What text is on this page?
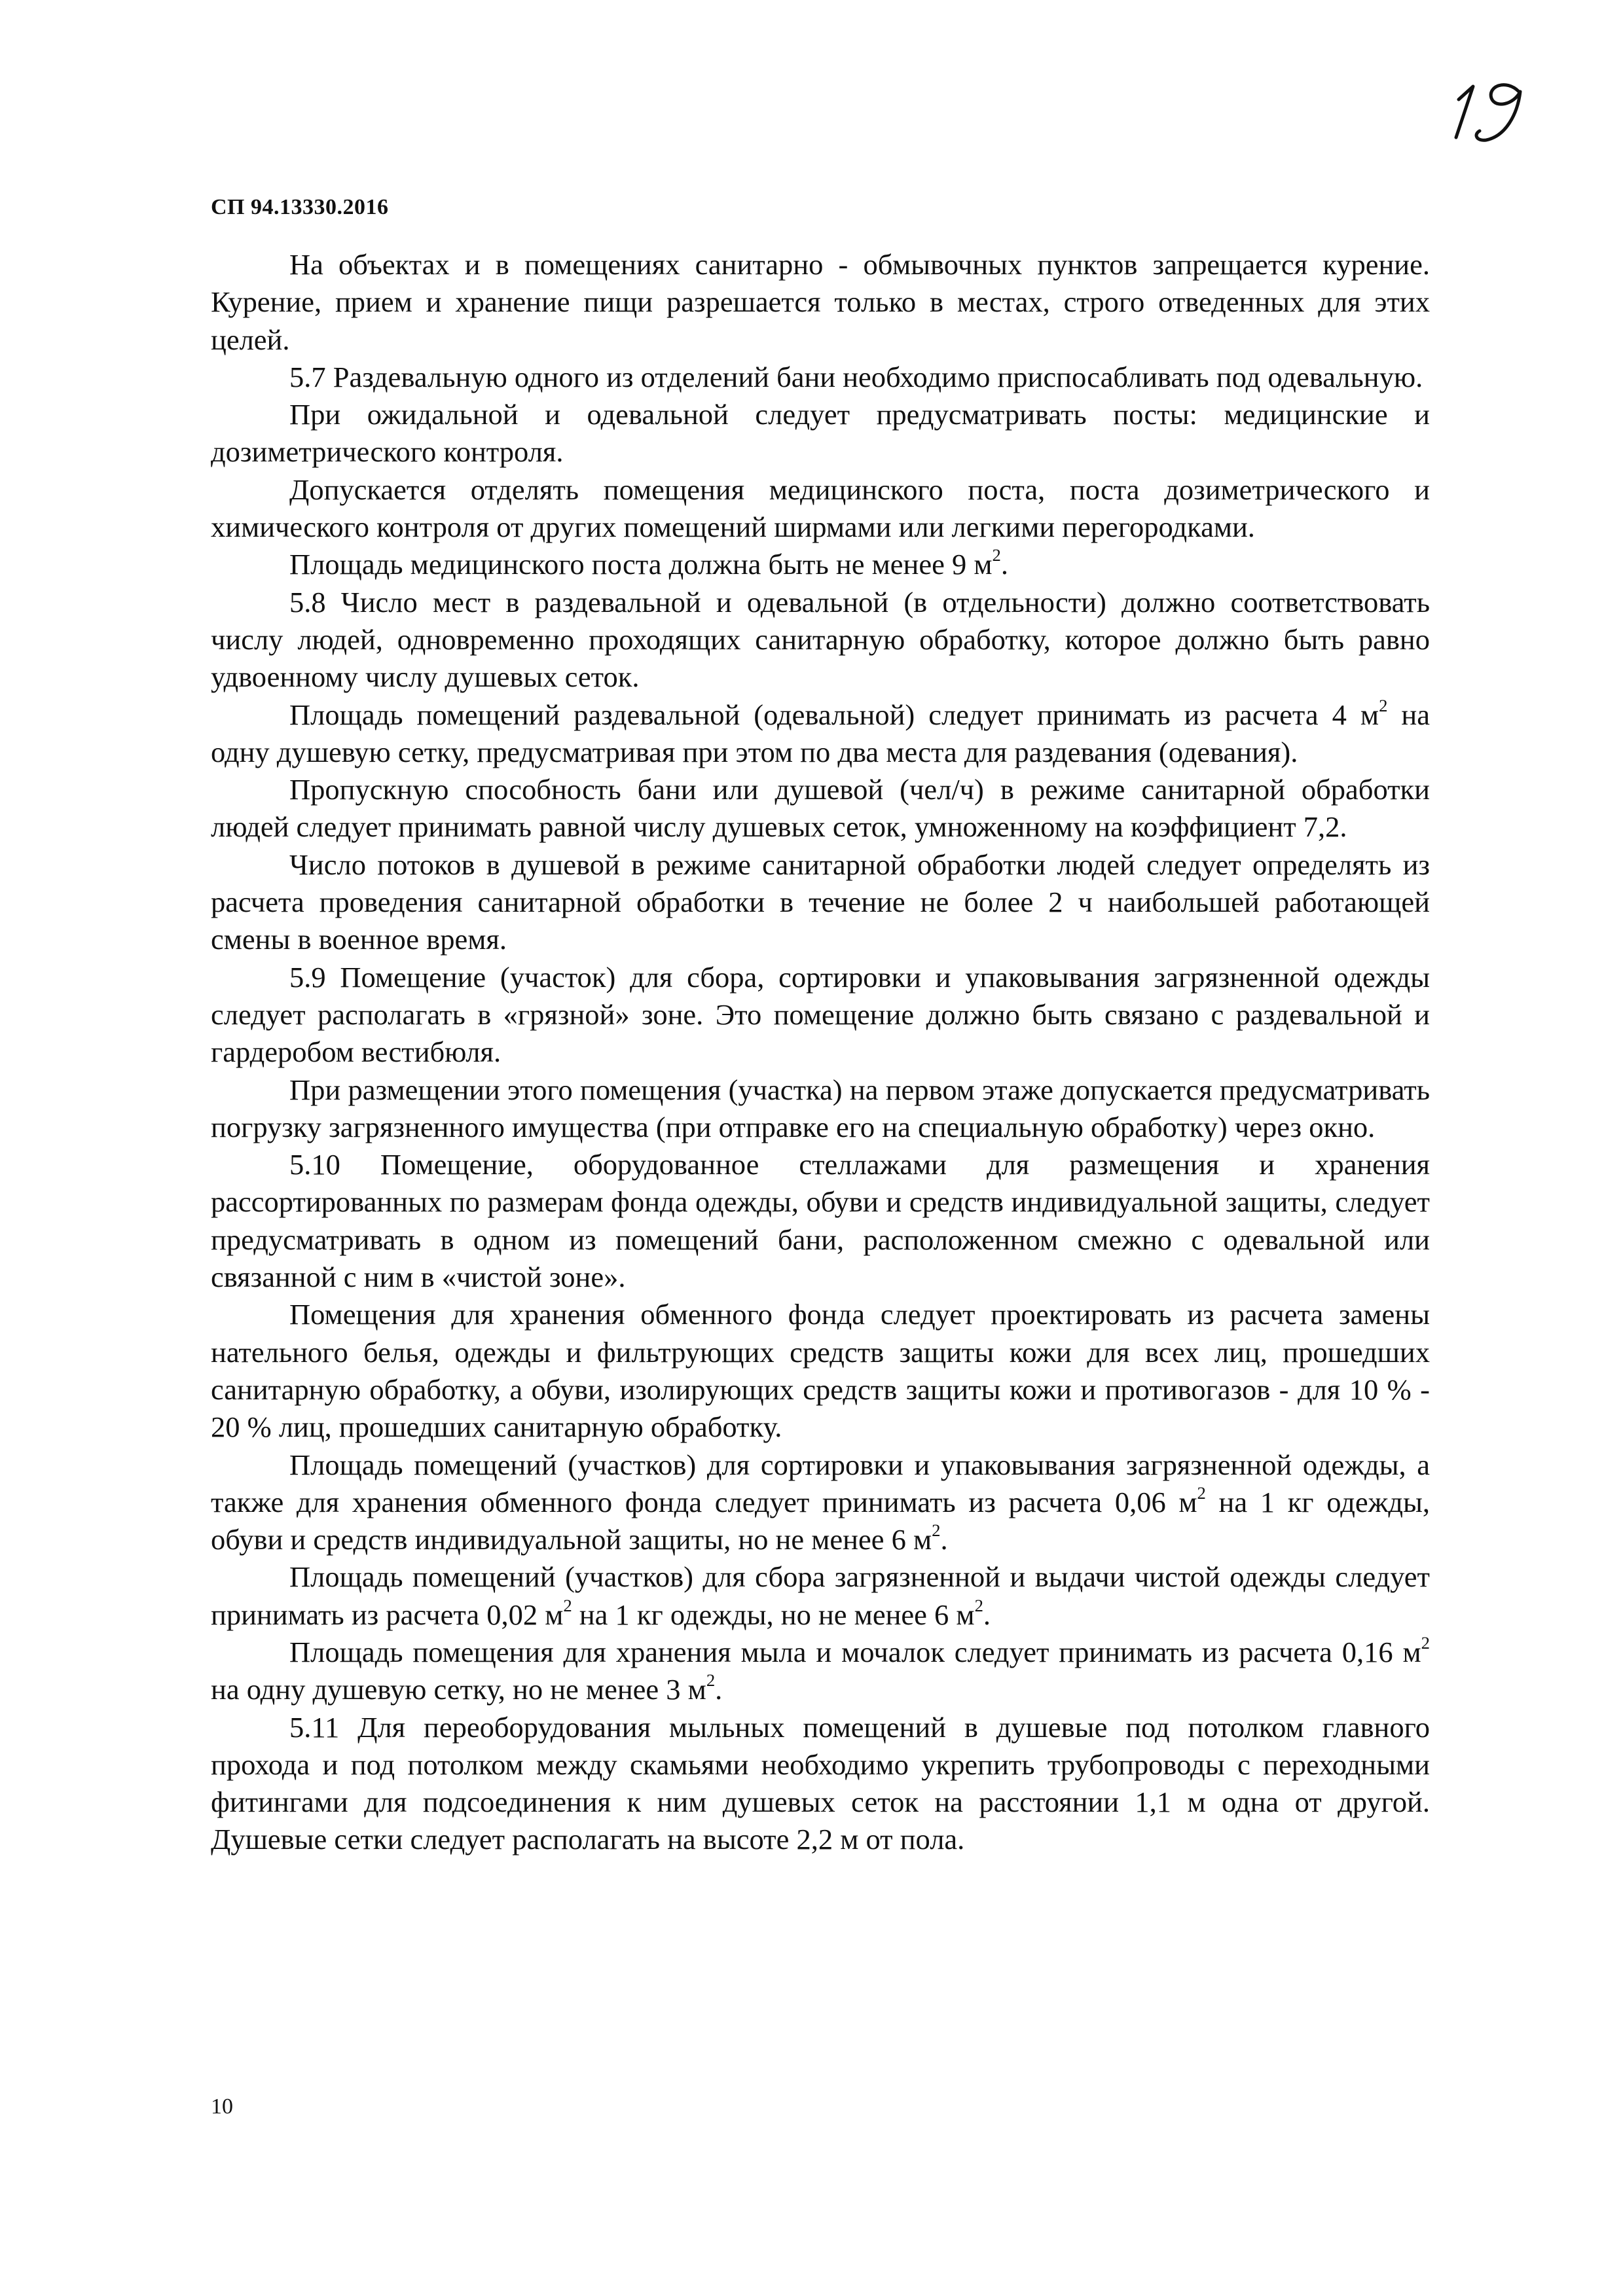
СП 94.13330.2016

На объектах и в помещениях санитарно - обмывочных пунктов запрещается курение. Курение, прием и хранение пищи разрешается только в местах, строго отведенных для этих целей.

5.7 Раздевальную одного из отделений бани необходимо приспосабливать под одевальную.

При ожидальной и одевальной следует предусматривать посты: медицинские и дозиметрического контроля.

Допускается отделять помещения медицинского поста, поста дозиметрического и химического контроля от других помещений ширмами или легкими перегородками.

Площадь медицинского поста должна быть не менее 9 $м^2$.

5.8 Число мест в раздевальной и одевальной (в отдельности) должно соответствовать числу людей, одновременно проходящих санитарную обработку, которое должно быть равно удвоенному числу душевых сеток.

Площадь помещений раздевальной (одевальной) следует принимать из расчета 4 $м^2$ на одну душевую сетку, предусматривая при этом по два места для раздевания (одевания).

Пропускную способность бани или душевой (чел/ч) в режиме санитарной обработки людей следует принимать равной числу душевых сеток, умноженному на коэффициент 7,2.

Число потоков в душевой в режиме санитарной обработки людей следует определять из расчета проведения санитарной обработки в течение не более 2 ч наибольшей работающей смены в военное время.

5.9 Помещение (участок) для сбора, сортировки и упаковывания загрязненной одежды следует располагать в «грязной» зоне. Это помещение должно быть связано с раздевальной и гардеробом вестибюля.

При размещении этого помещения (участка) на первом этаже допускается предусматривать погрузку загрязненного имущества (при отправке его на специальную обработку) через окно.

5.10 Помещение, оборудованное стеллажами для размещения и хранения рассортированных по размерам фонда одежды, обуви и средств индивидуальной защиты, следует предусматривать в одном из помещений бани, расположенном смежно с одевальной или связанной с ним в «чистой зоне».

Помещения для хранения обменного фонда следует проектировать из расчета замены нательного белья, одежды и фильтрующих средств защиты кожи для всех лиц, прошедших санитарную обработку, а обуви, изолирующих средств защиты кожи и противогазов - для 10 % - 20 % лиц, прошедших санитарную обработку.

Площадь помещений (участков) для сортировки и упаковывания загрязненной одежды, а также для хранения обменного фонда следует принимать из расчета 0,06 $м^2$ на 1 кг одежды, обуви и средств индивидуальной защиты, но не менее 6 $м^2$.

Площадь помещений (участков) для сбора загрязненной и выдачи чистой одежды следует принимать из расчета 0,02 $м^2$ на 1 кг одежды, но не менее 6 $м^2$.

Площадь помещения для хранения мыла и мочалок следует принимать из расчета 0,16 $м^2$ на одну душевую сетку, но не менее 3 $м^2$.

5.11 Для переоборудования мыльных помещений в душевые под потолком главного прохода и под потолком между скамьями необходимо укрепить трубопроводы с переходными фитингами для подсоединения к ним душевых сеток на расстоянии 1,1 м одна от другой. Душевые сетки следует располагать на высоте 2,2 м от пола.

10
